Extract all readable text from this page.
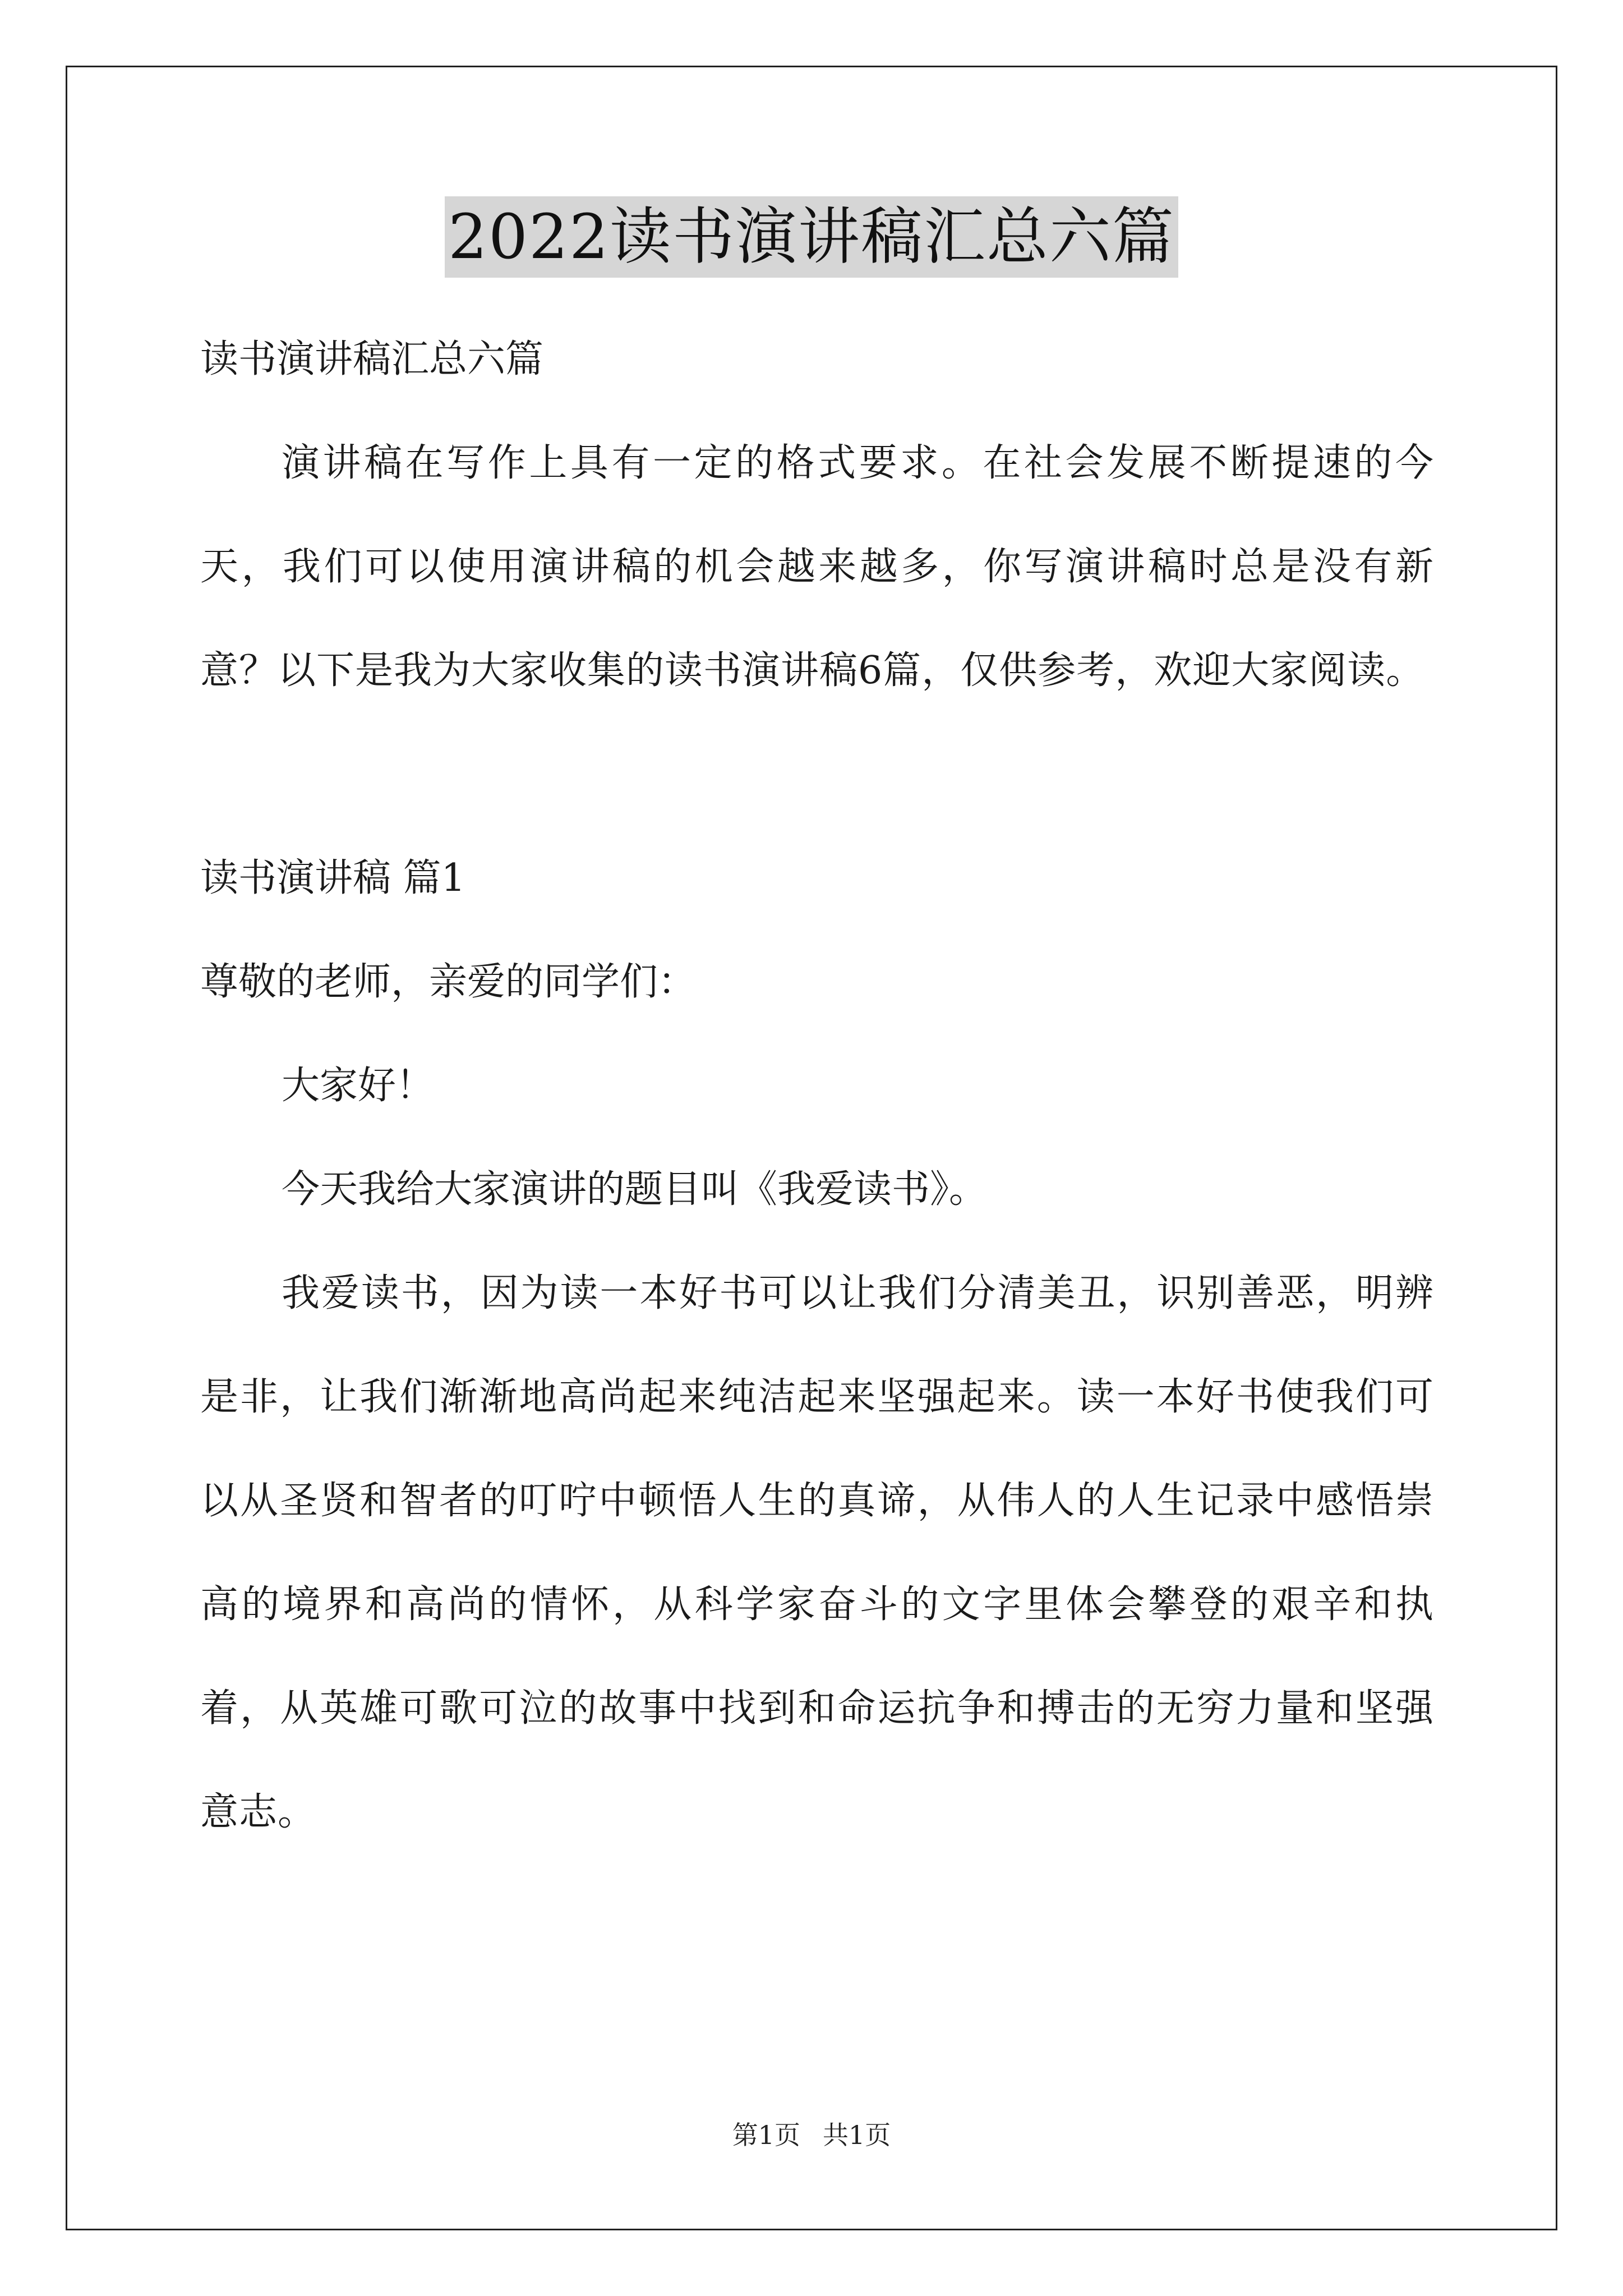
2022读书演讲稿汇总六篇

读书演讲稿汇总六篇

演讲稿在写作上具有一定的格式要求。在社会发展不断提速的今天，我们可以使用演讲稿的机会越来越多，你写演讲稿时总是没有新意？以下是我为大家收集的读书演讲稿6篇，仅供参考，欢迎大家阅读。

读书演讲稿 篇1

尊敬的老师，亲爱的同学们：

大家好！

今天我给大家演讲的题目叫《我爱读书》。

我爱读书，因为读一本好书可以让我们分清美丑，识别善恶，明辨是非，让我们渐渐地高尚起来纯洁起来坚强起来。读一本好书使我们可以从圣贤和智者的叮咛中顿悟人生的真谛，从伟人的人生记录中感悟崇高的境界和高尚的情怀，从科学家奋斗的文字里体会攀登的艰辛和执着，从英雄可歌可泣的故事中找到和命运抗争和搏击的无穷力量和坚强意志。

第1页 共1页
